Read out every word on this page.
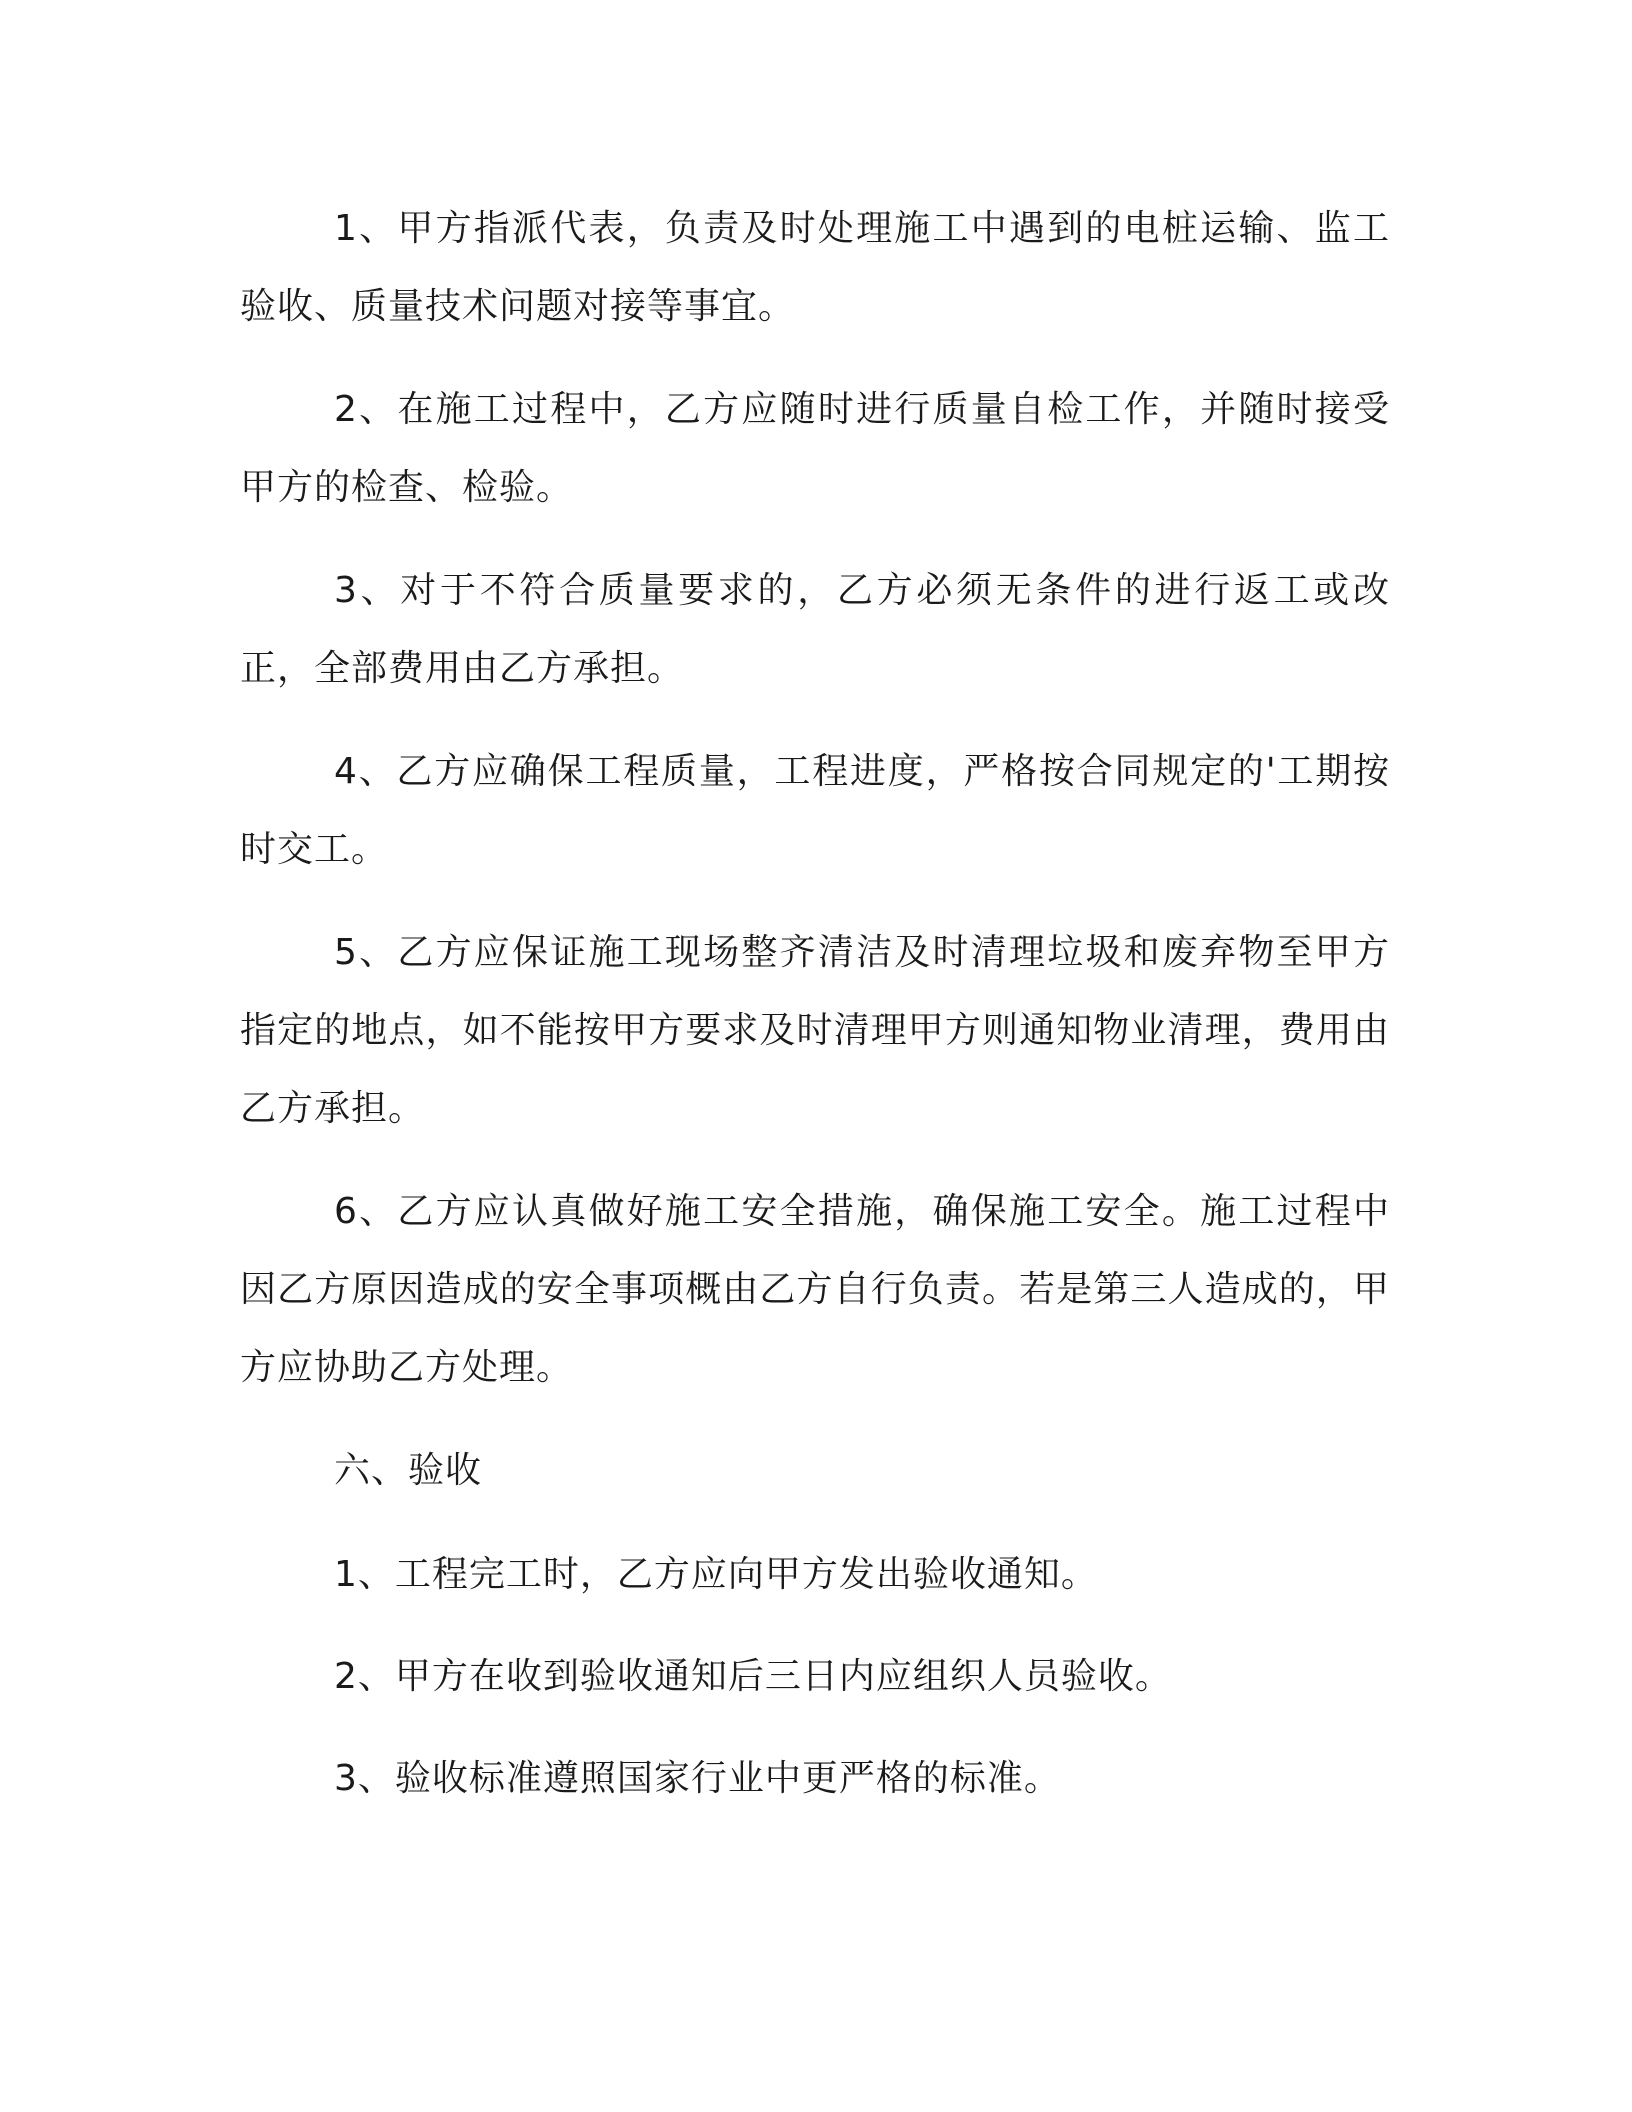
1、甲方指派代表，负责及时处理施工中遇到的电桩运输、监工验收、质量技术问题对接等事宜。

2、在施工过程中，乙方应随时进行质量自检工作，并随时接受甲方的检查、检验。

3、对于不符合质量要求的，乙方必须无条件的进行返工或改正，全部费用由乙方承担。

4、乙方应确保工程质量，工程进度，严格按合同规定的'工期按时交工。

5、乙方应保证施工现场整齐清洁及时清理垃圾和废弃物至甲方指定的地点，如不能按甲方要求及时清理甲方则通知物业清理，费用由乙方承担。

6、乙方应认真做好施工安全措施，确保施工安全。施工过程中因乙方原因造成的安全事项概由乙方自行负责。若是第三人造成的，甲方应协助乙方处理。

六、验收

1、工程完工时，乙方应向甲方发出验收通知。

2、甲方在收到验收通知后三日内应组织人员验收。

3、验收标准遵照国家行业中更严格的标准。
